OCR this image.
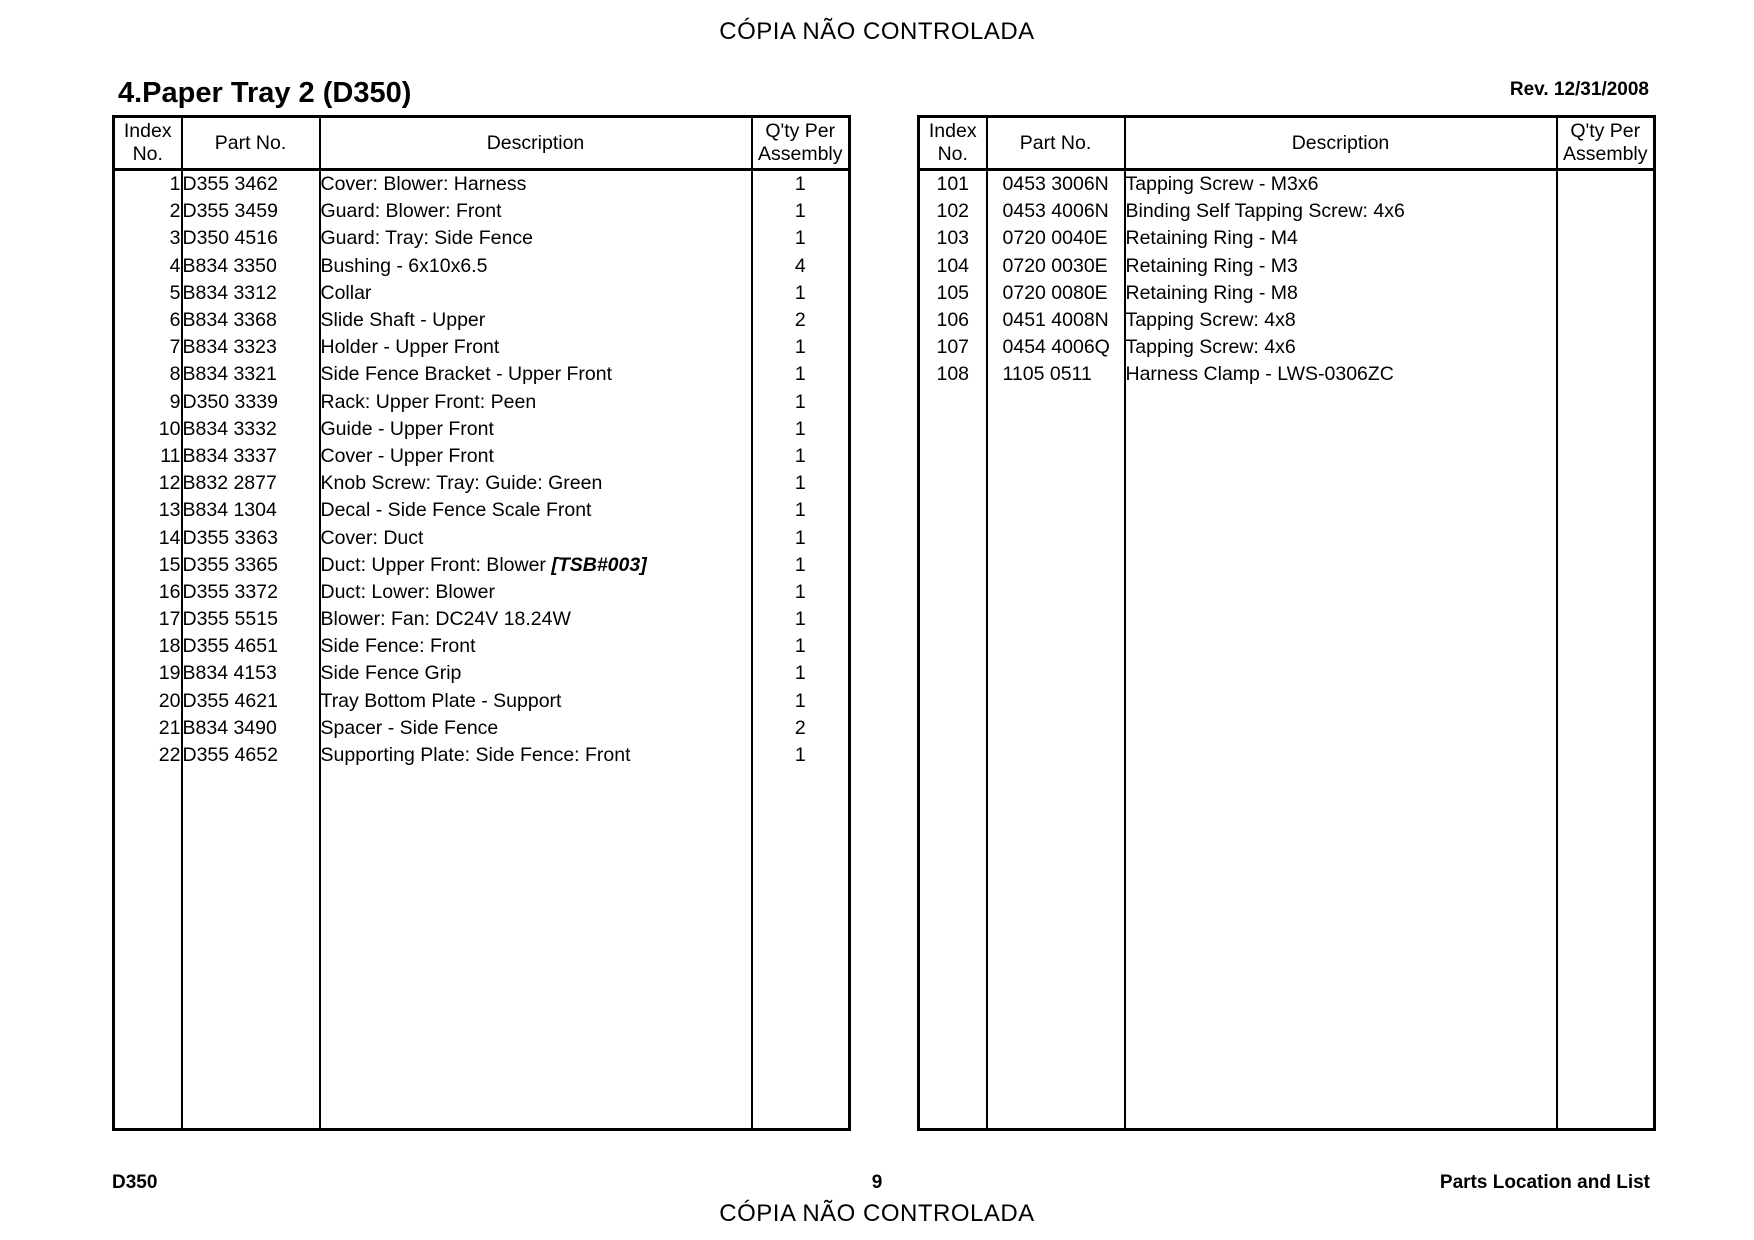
CÓPIA NÃO CONTROLADA
4.Paper Tray 2 (D350)	Rev. 12/31/2008
Index
No.	Part No.	Description	Q'ty Per
Assembly
1	D355 3462	Cover: Blower: Harness	1
2	D355 3459	Guard: Blower: Front	1
3	D350 4516	Guard: Tray: Side Fence	1
4	B834 3350	Bushing - 6x10x6.5	4
5	B834 3312	Collar	1
6	B834 3368	Slide Shaft - Upper	2
7	B834 3323	Holder - Upper Front	1
8	B834 3321	Side Fence Bracket - Upper Front	1
9	D350 3339	Rack: Upper Front: Peen	1
10	B834 3332	Guide - Upper Front	1
11	B834 3337	Cover - Upper Front	1
12	B832 2877	Knob Screw: Tray: Guide: Green	1
13	B834 1304	Decal - Side Fence Scale Front	1
14	D355 3363	Cover: Duct	1
15	D355 3365	Duct: Upper Front: Blower [TSB#003]	1
16	D355 3372	Duct: Lower: Blower	1
17	D355 5515	Blower: Fan: DC24V 18.24W	1
18	D355 4651	Side Fence: Front	1
19	B834 4153	Side Fence Grip	1
20	D355 4621	Tray Bottom Plate - Support	1
21	B834 3490	Spacer - Side Fence	2
22	D355 4652	Supporting Plate: Side Fence: Front	1

Index
No.	Part No.	Description	Q'ty Per
Assembly
101	0453 3006N	Tapping Screw - M3x6	
102	0453 4006N	Binding Self Tapping Screw: 4x6	
103	0720 0040E	Retaining Ring - M4	
104	0720 0030E	Retaining Ring - M3	
105	0720 0080E	Retaining Ring - M8	
106	0451 4008N	Tapping Screw: 4x8	
107	0454 4006Q	Tapping Screw: 4x6	
108	1105 0511	Harness Clamp - LWS-0306ZC	

D350	9	Parts Location and List
CÓPIA NÃO CONTROLADA
